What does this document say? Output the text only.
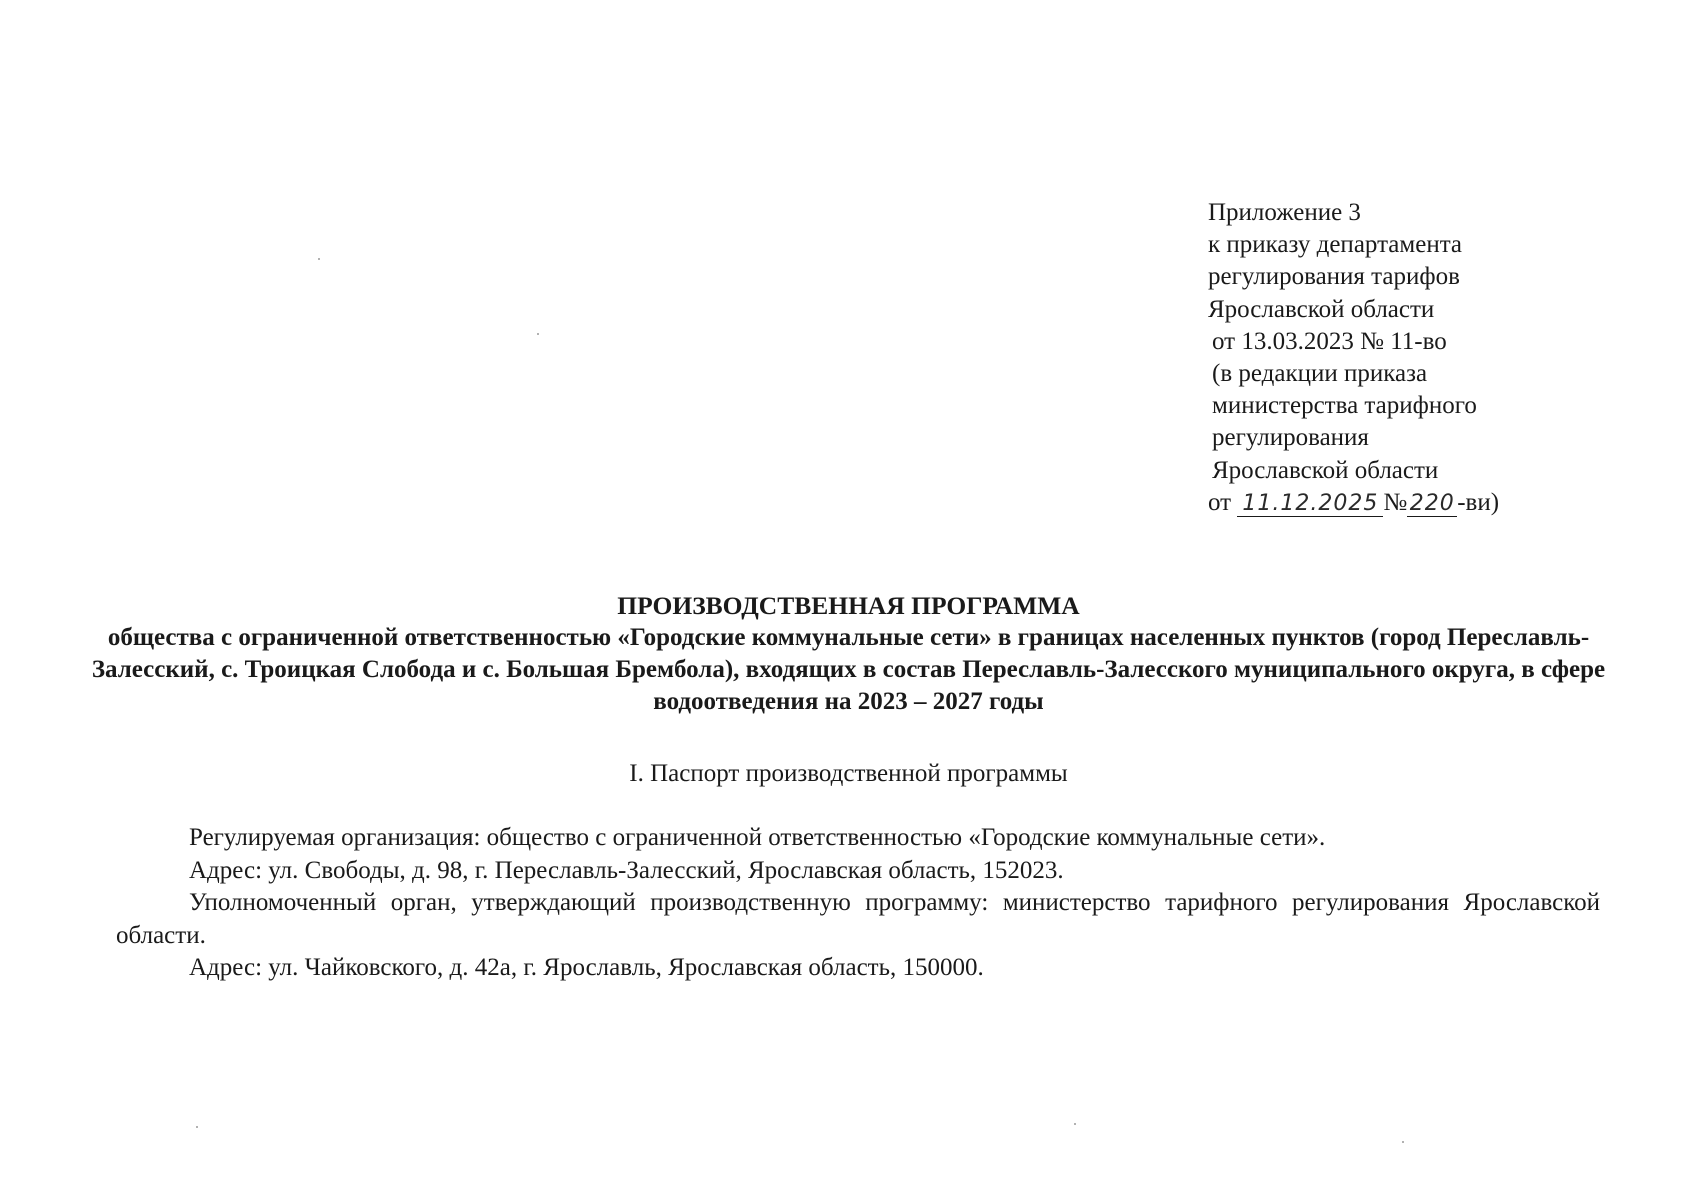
Приложение 3
к приказу департамента
регулирования тарифов
Ярославской области
от 13.03.2023 № 11-во
(в редакции приказа
министерства тарифного
регулирования
Ярославской области
от 11.12.2025 № 220 -ви)
ПРОИЗВОДСТВЕННАЯ ПРОГРАММА
общества с ограниченной ответственностью «Городские коммунальные сети» в границах населенных пунктов (город Переславль-Залесский, с. Троицкая Слобода и с. Большая Брембола), входящих в состав Переславль-Залесского муниципального округа, в сфере водоотведения на 2023 – 2027 годы
I. Паспорт производственной программы

Регулируемая организация: общество с ограниченной ответственностью «Городские коммунальные сети».

Адрес: ул. Свободы, д. 98, г. Переславль-Залесский, Ярославская область, 152023.

Уполномоченный орган, утверждающий производственную программу: министерство тарифного регулирования Ярославской области.

Адрес: ул. Чайковского, д. 42а, г. Ярославль, Ярославская область, 150000.
